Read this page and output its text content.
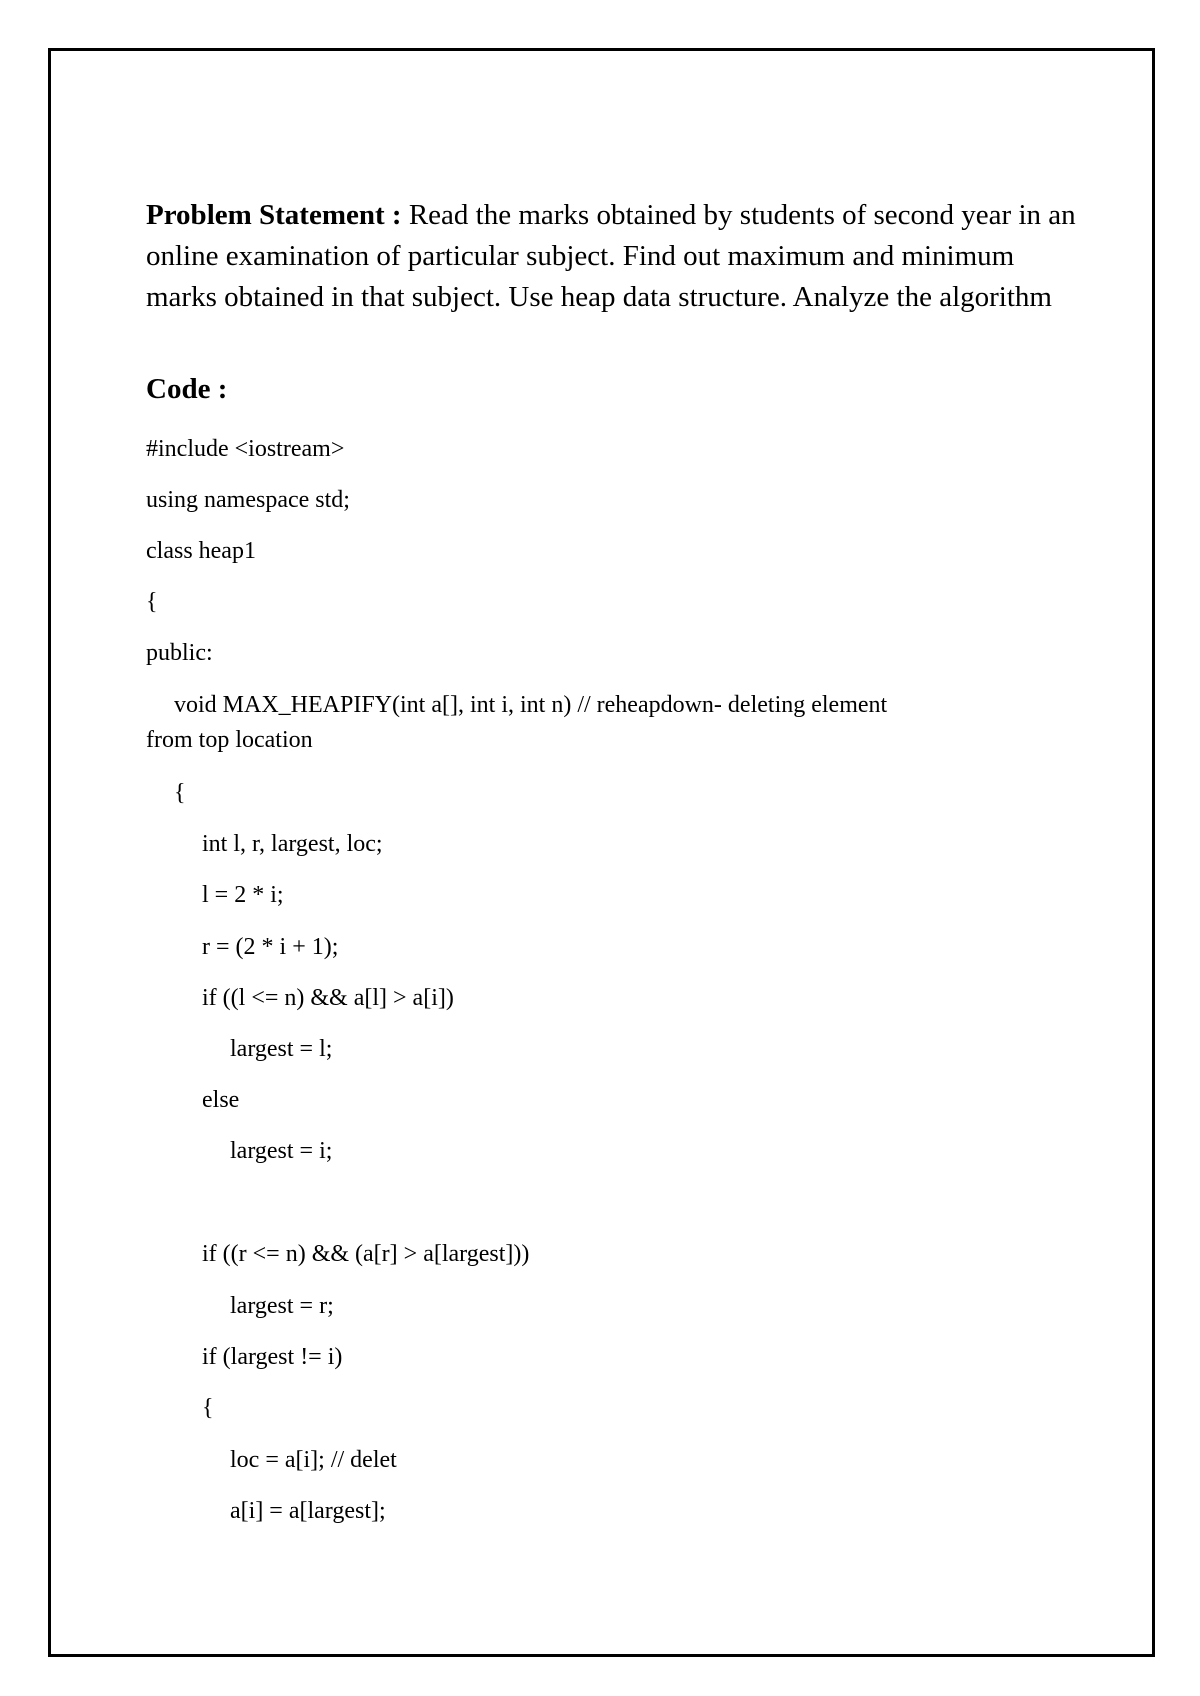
Problem Statement : Read the marks obtained by students of second year in an online examination of particular subject. Find out maximum and minimum marks obtained in that subject. Use heap data structure. Analyze the algorithm

Code :

#include <iostream>

using namespace std;

class heap1

{

public:

void MAX_HEAPIFY(int a[], int i, int n) // reheapdown- deleting element

from top location

{

int l, r, largest, loc;

l = 2 * i;

r = (2 * i + 1);

if ((l <= n) && a[l] > a[i])

largest = l;

else

largest = i;

if ((r <= n) && (a[r] > a[largest]))

largest = r;

if (largest != i)

{

loc = a[i]; // delet

a[i] = a[largest];
